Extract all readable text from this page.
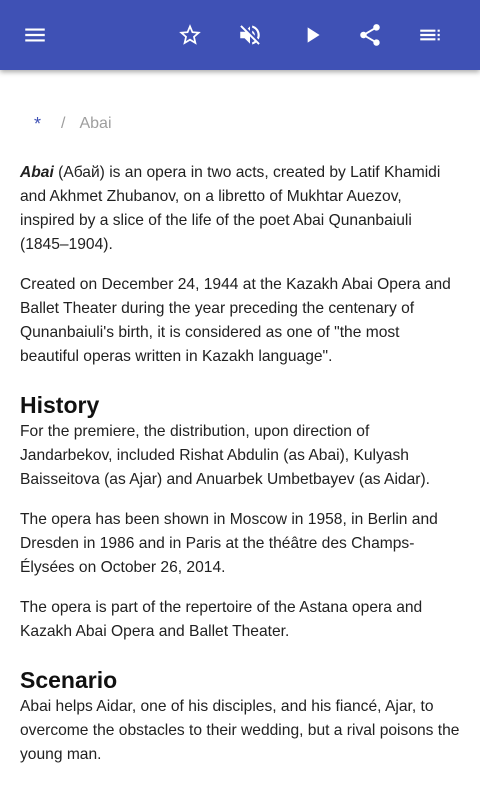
* / Abai

Abai (Абай) is an opera in two acts, created by Latif Khamidi and Akhmet Zhubanov, on a libretto of Mukhtar Auezov, inspired by a slice of the life of the poet Abai Qunanbaiuli (1845–1904).

Created on December 24, 1944 at the Kazakh Abai Opera and Ballet Theater during the year preceding the centenary of Qunanbaiuli's birth, it is considered as one of "the most beautiful operas written in Kazakh language".

History

For the premiere, the distribution, upon direction of Jandarbekov, included Rishat Abdulin (as Abai), Kulyash Baisseitova (as Ajar) and Anuarbek Umbetbayev (as Aidar).

The opera has been shown in Moscow in 1958, in Berlin and Dresden in 1986 and in Paris at the théâtre des Champs-Élysées on October 26, 2014.

The opera is part of the repertoire of the Astana opera and Kazakh Abai Opera and Ballet Theater.

Scenario

Abai helps Aidar, one of his disciples, and his fiancé, Ajar, to overcome the obstacles to their wedding, but a rival poisons the young man.
